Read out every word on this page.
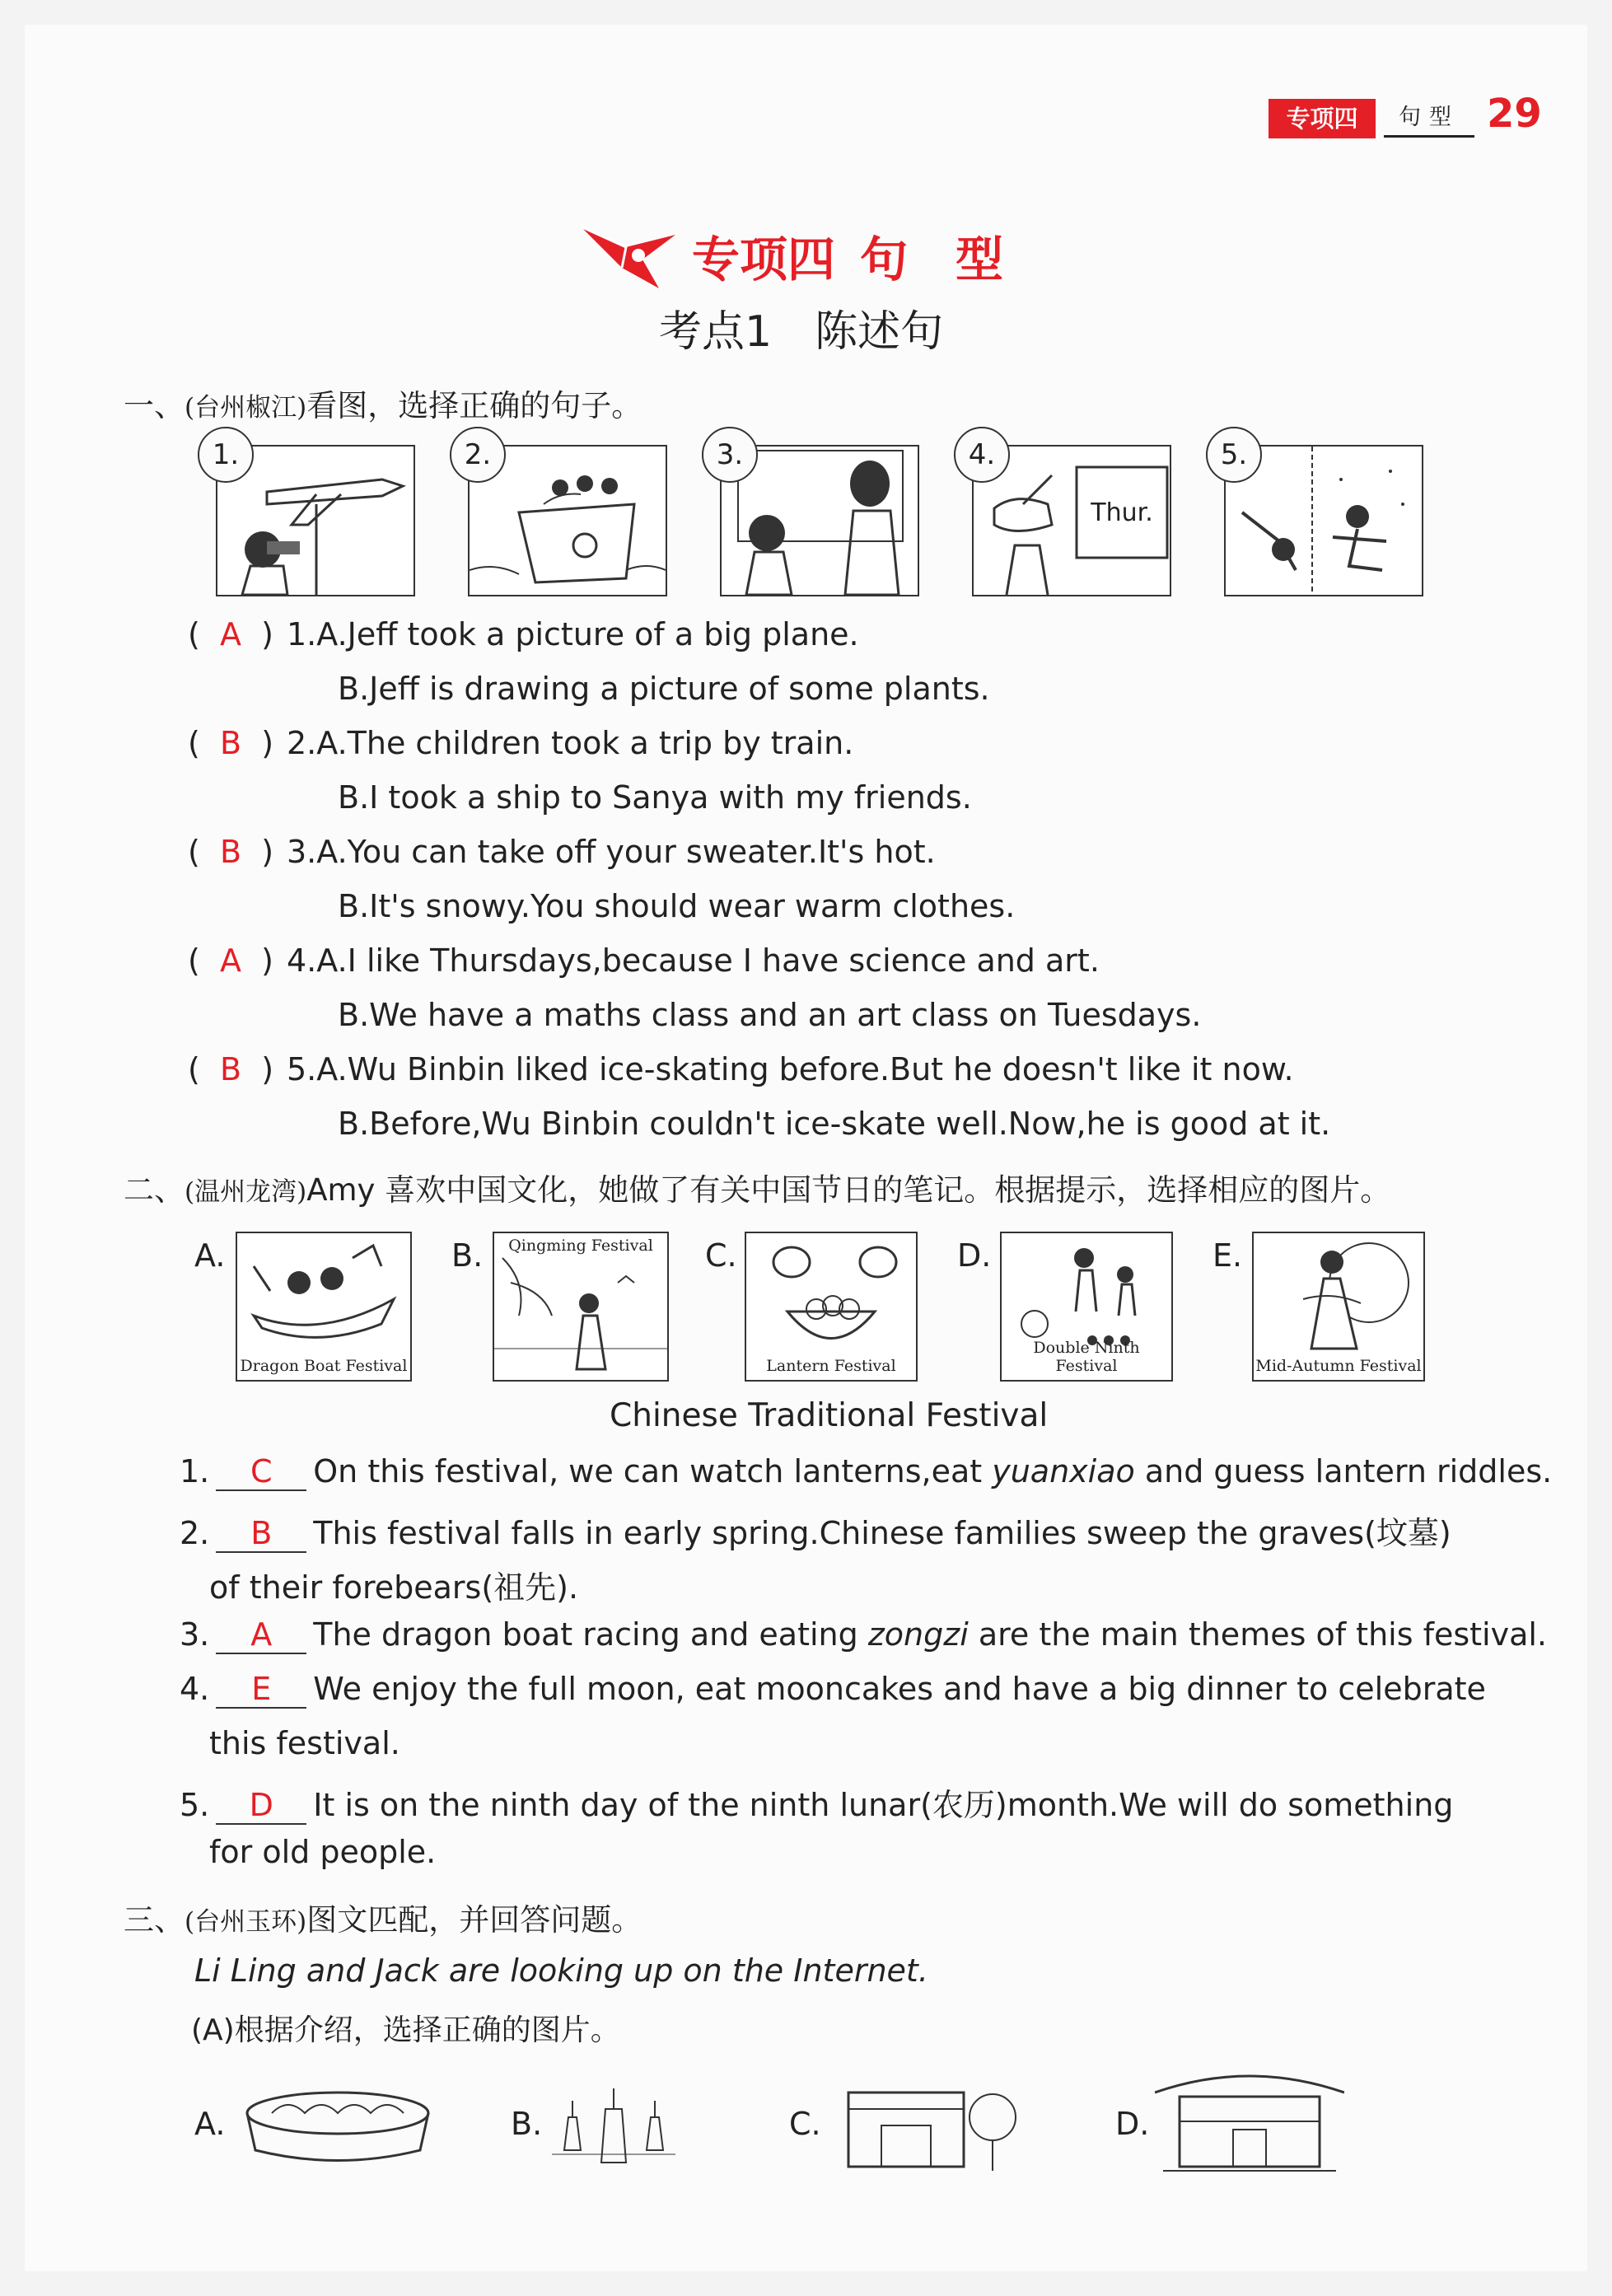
专项四	句型 29
专项四 句　型
考点1　陈述句
一、(台州椒江)看图，选择正确的句子。
Thur.
1.	2.	3.	4.	5.
(  A  ) 1.A.Jeff took a picture of a big plane.
B.Jeff is drawing a picture of some plants.
(  B  ) 2.A.The children took a trip by train.
B.I took a ship to Sanya with my friends.
(  B  ) 3.A.You can take off your sweater.It's hot.
B.It's snowy.You should wear warm clothes.
(  A  ) 4.A.I like Thursdays,because I have science and art.
B.We have a maths class and an art class on Tuesdays.
(  B  ) 5.A.Wu Binbin liked ice-skating before.But he doesn't like it now.
B.Before,Wu Binbin couldn't ice-skate well.Now,he is good at it.
二、(温州龙湾)Amy 喜欢中国文化，她做了有关中国节日的笔记。根据提示，选择相应的图片。
A.
Dragon Boat Festival
B.	Qingming Festival	C.
Lantern Festival
D.
Double Ninth Festival
E.
Mid-Autumn Festival
Chinese Traditional Festival
1. C On this festival, we can watch lanterns,eat yuanxiao and guess lantern riddles.
2. B This festival falls in early spring.Chinese families sweep the graves(坟墓)
of their forebears(祖先).
3. A The dragon boat racing and eating zongzi are the main themes of this festival.
4. E We enjoy the full moon, eat mooncakes and have a big dinner to celebrate
this festival.
5. D It is on the ninth day of the ninth lunar(农历)month.We will do something
for old people.
三、(台州玉环)图文匹配，并回答问题。
Li Ling and Jack are looking up on the Internet.
(A)根据介绍，选择正确的图片。
A.	B.	C.	D.
